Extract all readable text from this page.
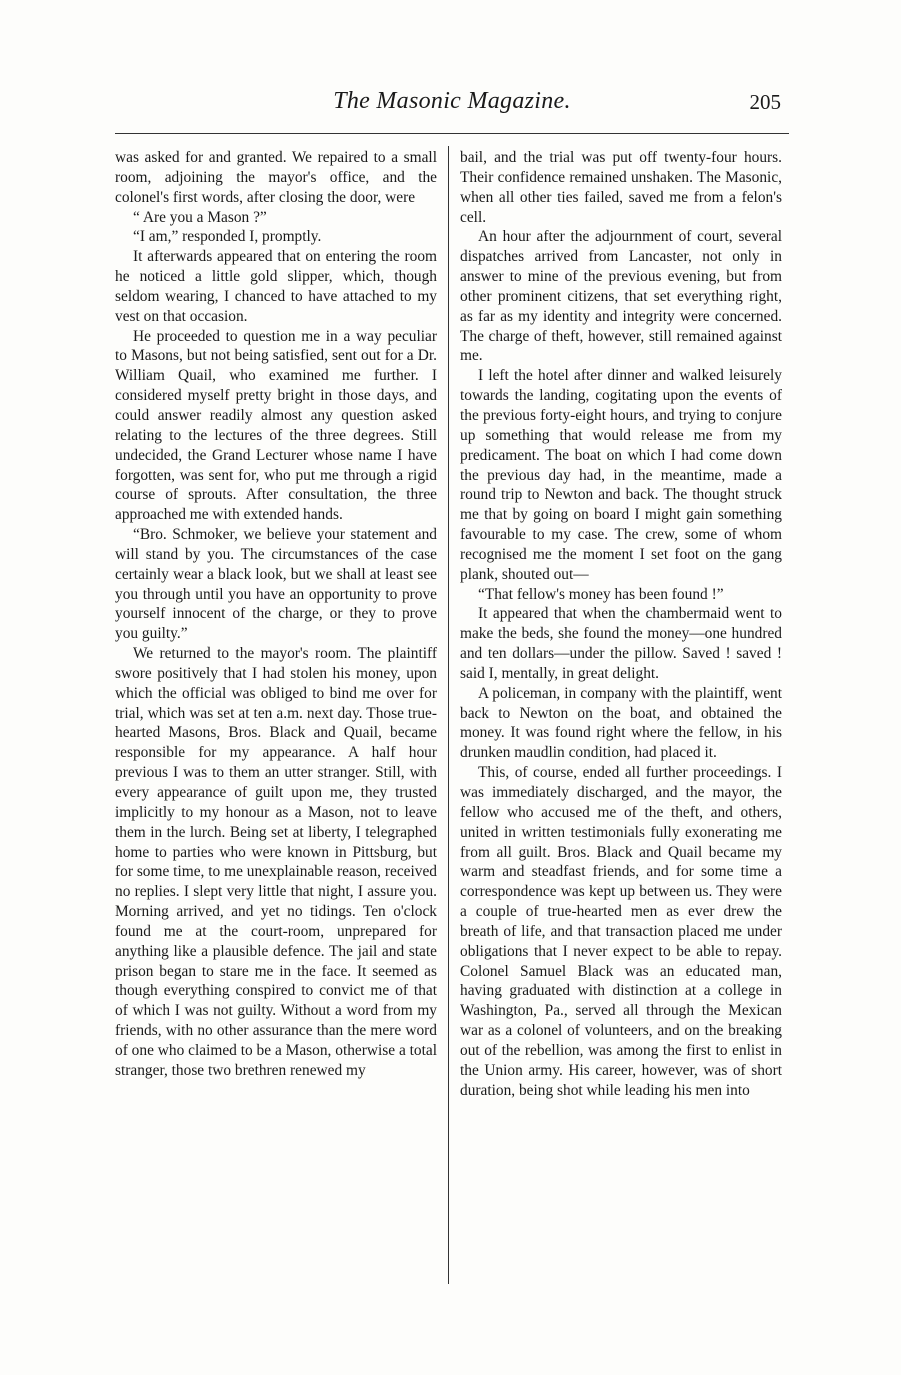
The Masonic Magazine.	205

was asked for and granted. We repaired to a small room, adjoining the mayor's office, and the colonel's first words, after closing the door, were

“ Are you a Mason ?”

“I am,” responded I, promptly.

It afterwards appeared that on entering the room he noticed a little gold slipper, which, though seldom wearing, I chanced to have attached to my vest on that occasion.

He proceeded to question me in a way peculiar to Masons, but not being satisfied, sent out for a Dr. William Quail, who examined me further. I considered myself pretty bright in those days, and could answer readily almost any question asked relating to the lectures of the three degrees. Still undecided, the Grand Lecturer whose name I have forgotten, was sent for, who put me through a rigid course of sprouts. After consultation, the three approached me with extended hands.

“Bro. Schmoker, we believe your statement and will stand by you. The circumstances of the case certainly wear a black look, but we shall at least see you through until you have an opportunity to prove yourself innocent of the charge, or they to prove you guilty.”

We returned to the mayor's room. The plaintiff swore positively that I had stolen his money, upon which the official was obliged to bind me over for trial, which was set at ten a.m. next day. Those true-hearted Masons, Bros. Black and Quail, became responsible for my appearance. A half hour previous I was to them an utter stranger. Still, with every appearance of guilt upon me, they trusted implicitly to my honour as a Mason, not to leave them in the lurch. Being set at liberty, I telegraphed home to parties who were known in Pittsburg, but for some time, to me unexplainable reason, received no replies. I slept very little that night, I assure you. Morning arrived, and yet no tidings. Ten o'clock found me at the court-room, unprepared for anything like a plausible defence. The jail and state prison began to stare me in the face. It seemed as though everything conspired to convict me of that of which I was not guilty. Without a word from my friends, with no other assurance than the mere word of one who claimed to be a Mason, otherwise a total stranger, those two brethren renewed my

bail, and the trial was put off twenty-four hours. Their confidence remained unshaken. The Masonic, when all other ties failed, saved me from a felon's cell.

An hour after the adjournment of court, several dispatches arrived from Lancaster, not only in answer to mine of the previous evening, but from other prominent citizens, that set everything right, as far as my identity and integrity were concerned. The charge of theft, however, still remained against me.

I left the hotel after dinner and walked leisurely towards the landing, cogitating upon the events of the previous forty-eight hours, and trying to conjure up something that would release me from my predicament. The boat on which I had come down the previous day had, in the meantime, made a round trip to Newton and back. The thought struck me that by going on board I might gain something favourable to my case. The crew, some of whom recognised me the moment I set foot on the gang plank, shouted out—

“That fellow's money has been found !”

It appeared that when the chambermaid went to make the beds, she found the money—one hundred and ten dollars—under the pillow. Saved ! saved ! said I, mentally, in great delight.

A policeman, in company with the plaintiff, went back to Newton on the boat, and obtained the money. It was found right where the fellow, in his drunken maudlin condition, had placed it.

This, of course, ended all further proceedings. I was immediately discharged, and the mayor, the fellow who accused me of the theft, and others, united in written testimonials fully exonerating me from all guilt. Bros. Black and Quail became my warm and steadfast friends, and for some time a correspondence was kept up between us. They were a couple of true-hearted men as ever drew the breath of life, and that transaction placed me under obligations that I never expect to be able to repay. Colonel Samuel Black was an educated man, having graduated with distinction at a college in Washington, Pa., served all through the Mexican war as a colonel of volunteers, and on the breaking out of the rebellion, was among the first to enlist in the Union army. His career, however, was of short duration, being shot while leading his men into
